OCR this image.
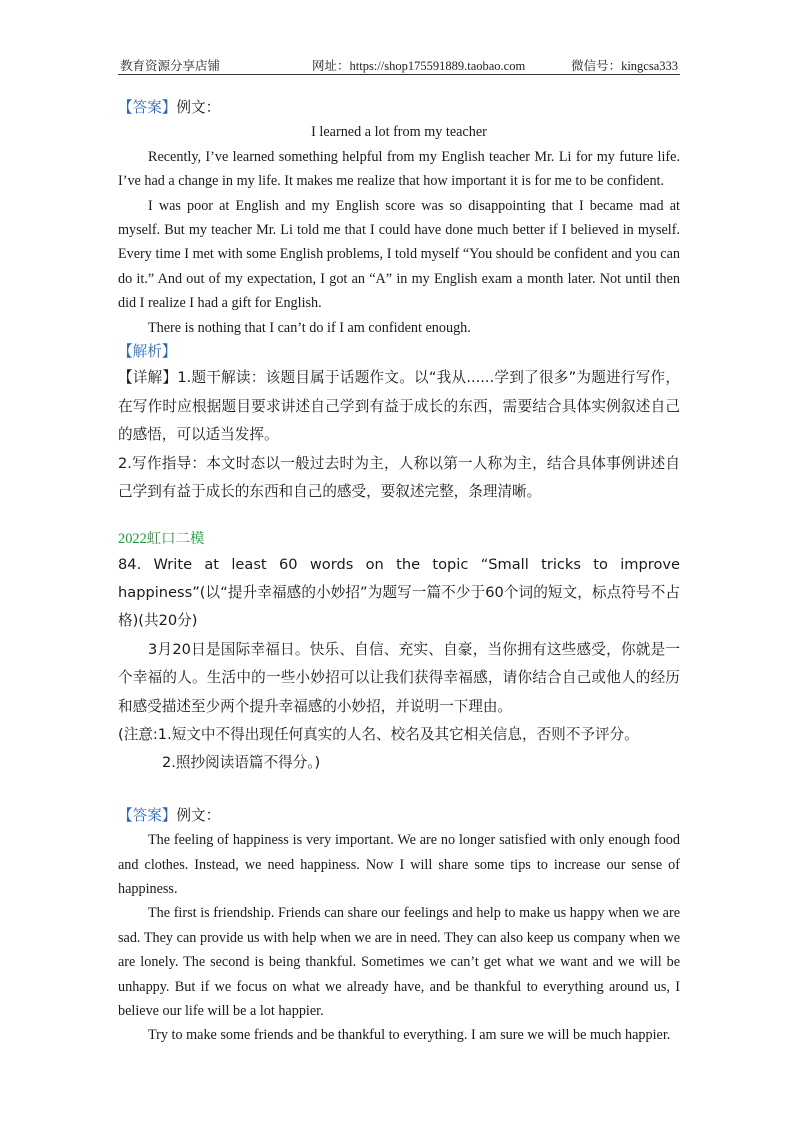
教育资源分享店铺	网址：https://shop175591889.taobao.com	微信号：kingcsa333

【答案】例文：

I learned a lot from my teacher

Recently, I’ve learned something helpful from my English teacher Mr. Li for my future life. I’ve had a change in my life. It makes me realize that how important it is for me to be confident.

I was poor at English and my English score was so disappointing that I became mad at myself. But my teacher Mr. Li told me that I could have done much better if I believed in myself. Every time I met with some English problems, I told myself “You should be confident and you can do it.” And out of my expectation, I got an “A” in my English exam a month later. Not until then did I realize I had a gift for English.

There is nothing that I can’t do if I am confident enough.

【解析】

【详解】1.题干解读：该题目属于话题作文。以“我从......学到了很多”为题进行写作，在写作时应根据题目要求讲述自己学到有益于成长的东西，需要结合具体实例叙述自己的感悟，可以适当发挥。

2.写作指导：本文时态以一般过去时为主，人称以第一人称为主，结合具体事例讲述自己学到有益于成长的东西和自己的感受，要叙述完整，条理清晰。

2022虹口二模

84. Write at least 60 words on the topic “Small tricks to improve happiness”(以“提升幸福感的小妙招”为题写一篇不少于60个词的短文，标点符号不占格)(共20分)

3月20日是国际幸福日。快乐、自信、充实、自豪，当你拥有这些感受，你就是一个幸福的人。生活中的一些小妙招可以让我们获得幸福感，请你结合自己或他人的经历和感受描述至少两个提升幸福感的小妙招，并说明一下理由。

(注意:1.短文中不得出现任何真实的人名、校名及其它相关信息，否则不予评分。

2.照抄阅读语篇不得分。)

【答案】例文：

The feeling of happiness is very important. We are no longer satisfied with only enough food and clothes. Instead, we need happiness. Now I will share some tips to increase our sense of happiness.

The first is friendship. Friends can share our feelings and help to make us happy when we are sad. They can provide us with help when we are in need. They can also keep us company when we are lonely. The second is being thankful. Sometimes we can’t get what we want and we will be unhappy. But if we focus on what we already have, and be thankful to everything around us, I believe our life will be a lot happier.

Try to make some friends and be thankful to everything. I am sure we will be much happier.
